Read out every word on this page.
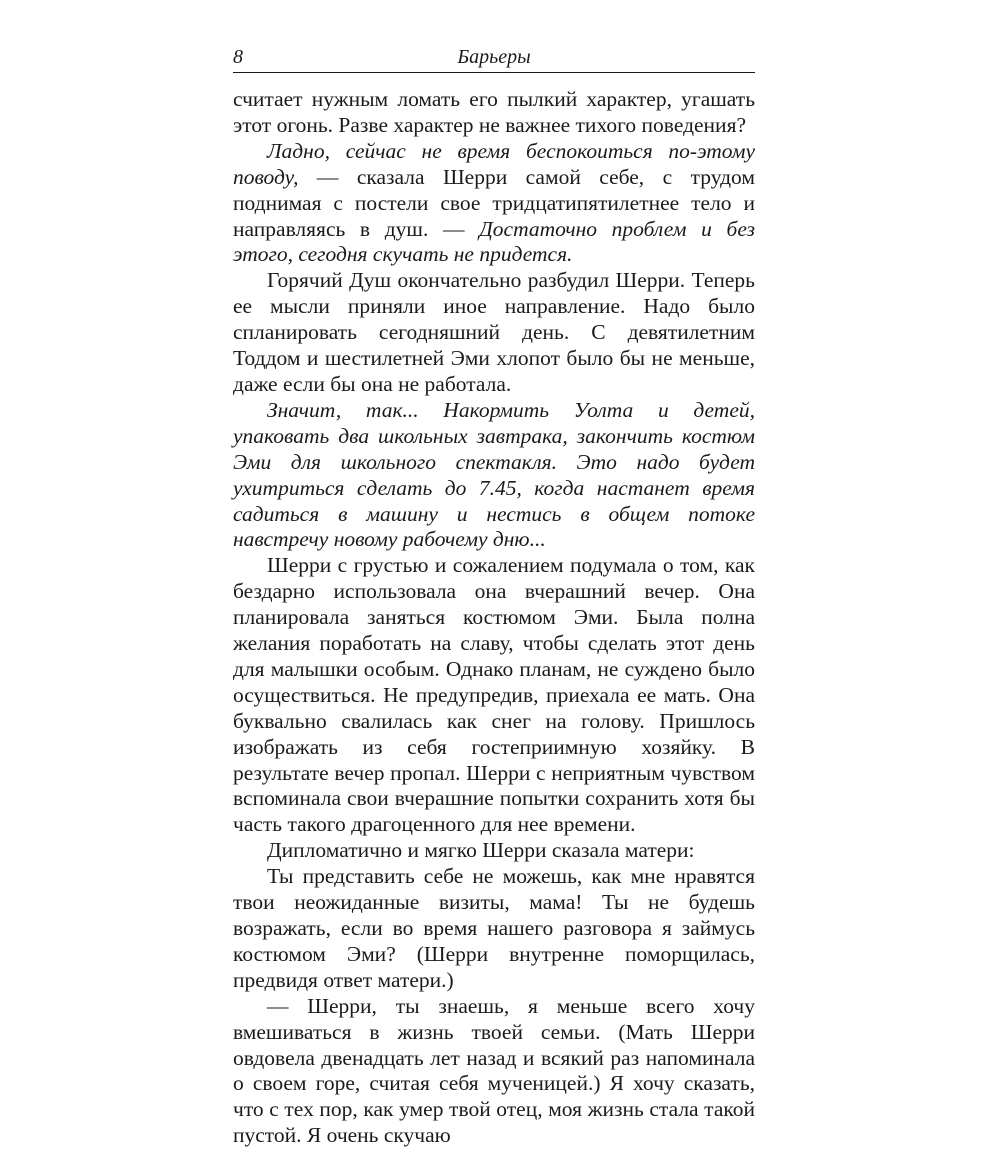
8	Барьеры

считает нужным ломать его пылкий характер, угашать этот огонь. Разве характер не важнее тихого поведения?

Ладно, сейчас не время беспокоиться по-этому поводу, — сказала Шерри самой себе, с трудом поднимая с постели свое тридцатипятилетнее тело и направляясь в душ. — Достаточно проблем и без этого, сегодня скучать не придется.

Горячий Душ окончательно разбудил Шерри. Теперь ее мысли приняли иное направление. Надо было спланировать сегодняшний день. С девятилетним Тоддом и шестилетней Эми хлопот было бы не меньше, даже если бы она не работала.

Значит, так... Накормить Уолта и детей, упаковать два школьных завтрака, закончить костюм Эми для школьного спектакля. Это надо будет ухитриться сделать до 7.45, когда настанет время садиться в машину и нестись в общем потоке навстречу новому рабочему дню...

Шерри с грустью и сожалением подумала о том, как бездарно использовала она вчерашний вечер. Она планировала заняться костюмом Эми. Была полна желания поработать на славу, чтобы сделать этот день для малышки особым. Однако планам, не суждено было осуществиться. Не предупредив, приехала ее мать. Она буквально свалилась как снег на голову. Пришлось изображать из себя гостеприимную хозяйку. В результате вечер пропал. Шерри с неприятным чувством вспоминала свои вчерашние попытки сохранить хотя бы часть такого драгоценного для нее времени.

Дипломатично и мягко Шерри сказала матери:

Ты представить себе не можешь, как мне нравятся твои неожиданные визиты, мама! Ты не будешь возражать, если во время нашего разговора я займусь костюмом Эми? (Шерри внутренне поморщилась, предвидя ответ матери.)

— Шерри, ты знаешь, я меньше всего хочу вмешиваться в жизнь твоей семьи. (Мать Шерри овдовела двенадцать лет назад и всякий раз напоминала о своем горе, считая себя мученицей.) Я хочу сказать, что с тех пор, как умер твой отец, моя жизнь стала такой пустой. Я очень скучаю
